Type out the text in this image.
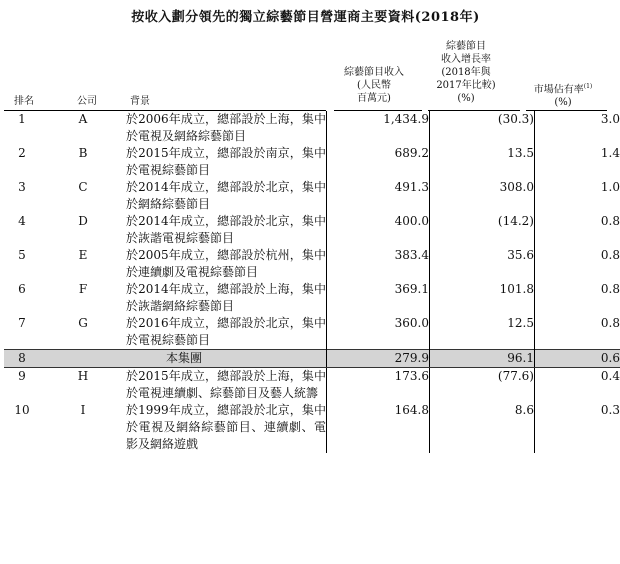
按收入劃分領先的獨立綜藝節目營運商主要資料(2018年)
排名	公司	背景
綜藝節目收入
(人民幣
百萬元)
綜藝節目
收入增長率
(2018年與
2017年比較)
(%)
市場佔有率$^{(1)}$
(%)
1	A	於2006年成立，總部設於上海，集中於電視及網絡綜藝節目		1,434.9		(30.3)		3.0
2	B	於2015年成立，總部設於南京，集中於電視綜藝節目		689.2		13.5		1.4
3	C	於2014年成立，總部設於北京，集中於網絡綜藝節目		491.3		308.0		1.0
4	D	於2014年成立，總部設於北京，集中於詼諧電視綜藝節目		400.0		(14.2)		0.8
5	E	於2005年成立，總部設於杭州，集中於連續劇及電視綜藝節目		383.4		35.6		0.8
6	F	於2014年成立，總部設於上海，集中於詼諧網絡綜藝節目		369.1		101.8		0.8
7	G	於2016年成立，總部設於北京，集中於電視綜藝節目		360.0		12.5		0.8
8		本集團		279.9		96.1		0.6
9	H	於2015年成立，總部設於上海，集中於電視連續劇、綜藝節目及藝人統籌		173.6		(77.6)		0.4
10	I	於1999年成立，總部設於北京，集中於電視及網絡綜藝節目、連續劇、電影及網絡遊戲		164.8		8.6		0.3
